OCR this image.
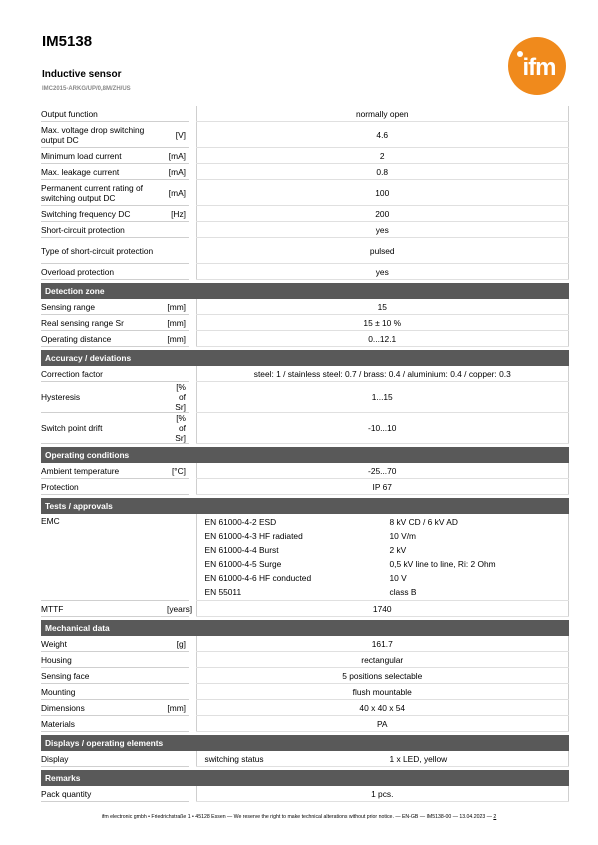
IM5138
Inductive sensor
IMC2015-ARKG/UP/0,8M/ZH/US
ifm
Output function			normally open
Max. voltage drop switching output DC	[V]		4.6
Minimum load current	[mA]		2
Max. leakage current	[mA]		0.8
Permanent current rating of switching output DC	[mA]		100
Switching frequency DC	[Hz]		200
Short-circuit protection			yes
Type of short-circuit protection			pulsed
Overload protection			yes

Detection zone
Sensing range	[mm]		15
Real sensing range Sr	[mm]		15 ± 10 %
Operating distance	[mm]		0...12.1

Accuracy / deviations
Correction factor			steel: 1 / stainless steel: 0.7 / brass: 0.4 / aluminium: 0.4 / copper: 0.3
Hysteresis	[% of Sr]		1...15
Switch point drift	[% of Sr]		-10...10

Operating conditions
Ambient temperature	[°C]		-25...70
Protection			IP 67

Tests / approvals
EMC				EN 61000-4-2 ESD	8 kV CD / 6 kV AD
EN 61000-4-3 HF radiated	10 V/m
EN 61000-4-4 Burst	2 kV
EN 61000-4-5 Surge	0,5 kV line to line, Ri: 2 Ohm
EN 61000-4-6 HF conducted	10 V
EN 55011	class B

MTTF	[years]		1740

Mechanical data
Weight	[g]		161.7
Housing			rectangular
Sensing face			5 positions selectable
Mounting			flush mountable
Dimensions	[mm]		40 x 40 x 54
Materials			PA

Displays / operating elements
Display				switching status	1 x LED, yellow

Remarks
Pack quantity			1 pcs.
ifm electronic gmbh • Friedrichstraße 1 • 45128 Essen — We reserve the right to make technical alterations without prior notice. — EN-GB — IM5138-00 — 13.04.2023 — 2
